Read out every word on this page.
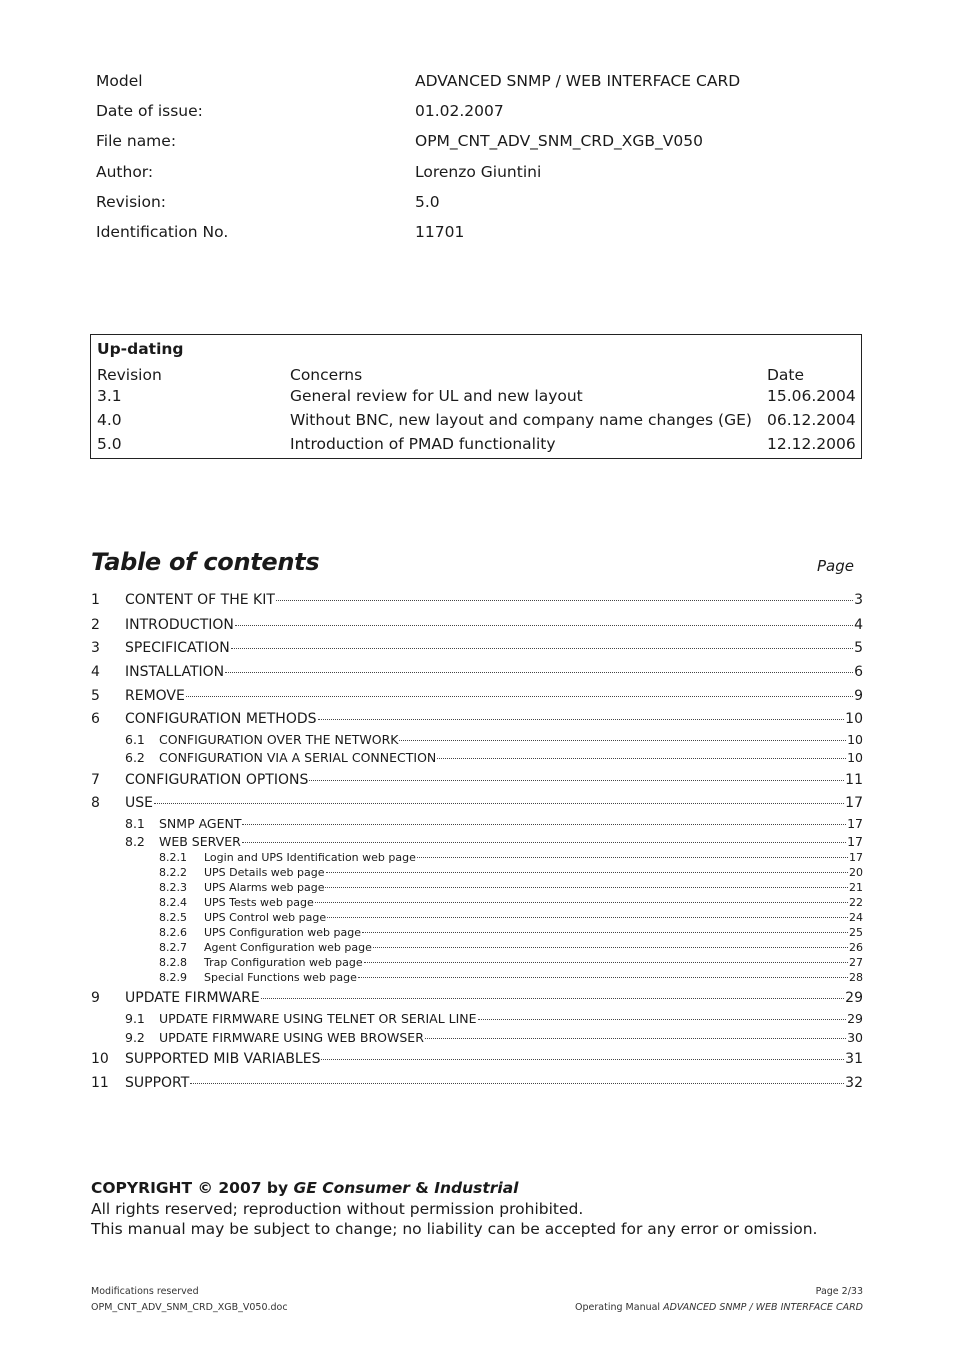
Model	ADVANCED SNMP / WEB INTERFACE CARD
Date of issue:	01.02.2007
File name:	OPM_CNT_ADV_SNM_CRD_XGB_V050
Author:	Lorenzo Giuntini
Revision:	5.0
Identification No.	11701
Up-dating
Revision	Concerns	Date
3.1	General review for UL and new layout	15.06.2004
4.0	Without BNC, new layout and company name changes (GE) 06.12.2004
5.0	Introduction of PMAD functionality	12.12.2006
Table of contents	Page
1	CONTENT OF THE KIT	3
2	INTRODUCTION	4
3	SPECIFICATION	5
4	INSTALLATION	6
5	REMOVE	9
6	CONFIGURATION METHODS	10
6.1	CONFIGURATION OVER THE NETWORK	10
6.2	CONFIGURATION VIA A SERIAL CONNECTION	10
7	CONFIGURATION OPTIONS	11
8	USE	17
8.1	SNMP AGENT	17
8.2	WEB SERVER	17
8.2.1	Login and UPS Identification web page	17
8.2.2	UPS Details web page	20
8.2.3	UPS Alarms web page	21
8.2.4	UPS Tests web page	22
8.2.5	UPS Control web page	24
8.2.6	UPS Configuration web page	25
8.2.7	Agent Configuration web page	26
8.2.8	Trap Configuration web page	27
8.2.9	Special Functions web page	28
9	UPDATE FIRMWARE	29
9.1	UPDATE FIRMWARE USING TELNET OR SERIAL LINE	29
9.2	UPDATE FIRMWARE USING WEB BROWSER	30
10	SUPPORTED MIB VARIABLES	31
11	SUPPORT	32
COPYRIGHT © 2007 by GE Consumer & Industrial
All rights reserved; reproduction without permission prohibited.
This manual may be subject to change; no liability can be accepted for any error or omission.
Modifications reserved
OPM_CNT_ADV_SNM_CRD_XGB_V050.doc
Page 2/33
Operating Manual ADVANCED SNMP / WEB INTERFACE CARD
